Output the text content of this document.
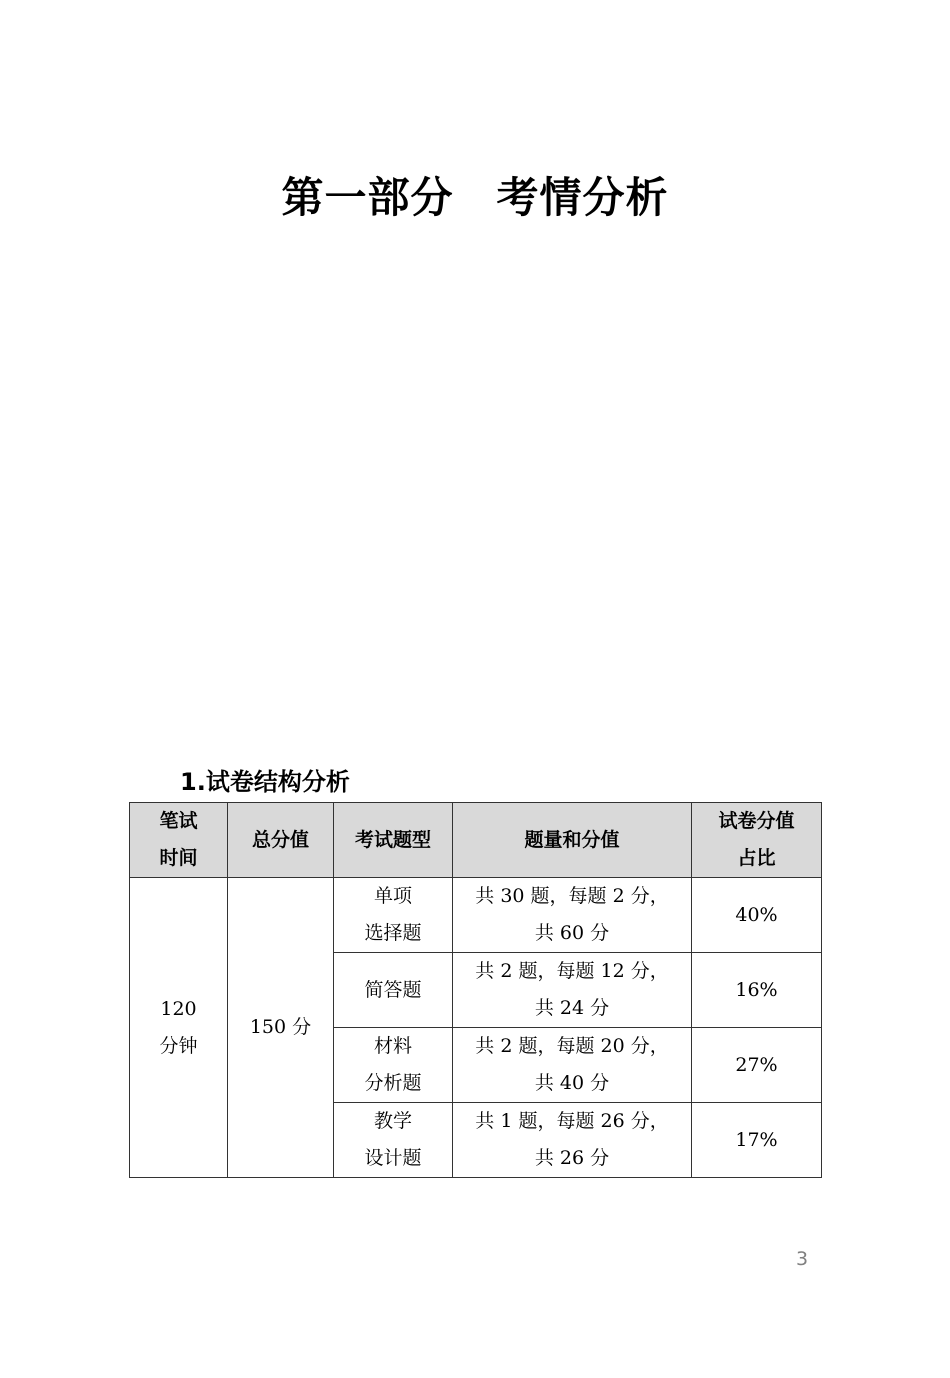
第一部分　考情分析
1.试卷结构分析
笔试
时间	总分值	考试题型	题量和分值	试卷分值
占比

120
分钟	150 分	单项
选择题	共 30 题，每题 2 分，
共 60 分	40%

		简答题	共 2 题，每题 12 分，
共 24 分	16%

		材料
分析题	共 2 题，每题 20 分，
共 40 分	27%

		教学
设计题	共 1 题，每题 26 分，
共 26 分	17%
3
